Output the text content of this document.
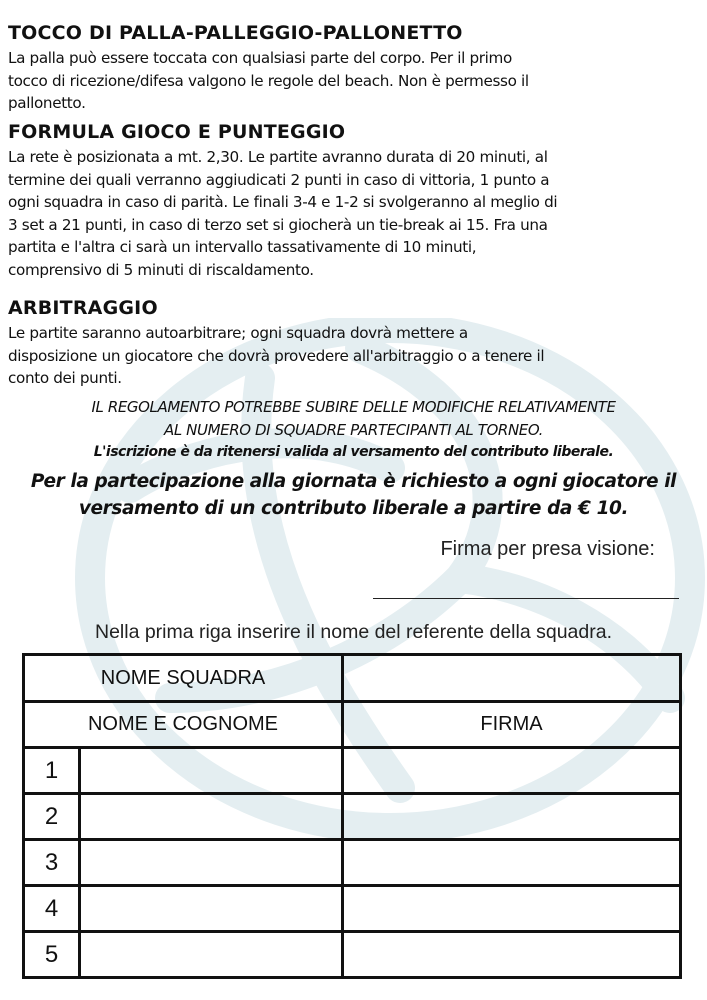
TOCCO DI PALLA-PALLEGGIO-PALLONETTO

La palla può essere toccata con qualsiasi parte del corpo. Per il primo
tocco di ricezione/difesa valgono le regole del beach. Non è permesso il
pallonetto.

FORMULA GIOCO E PUNTEGGIO

La rete è posizionata a mt. 2,30. Le partite avranno durata di 20 minuti, al
termine dei quali verranno aggiudicati 2 punti in caso di vittoria, 1 punto a
ogni squadra in caso di parità. Le finali 3-4 e 1-2 si svolgeranno al meglio di
3 set a 21 punti, in caso di terzo set si giocherà un tie-break ai 15. Fra una
partita e l'altra ci sarà un intervallo tassativamente di 10 minuti,
comprensivo di 5 minuti di riscaldamento.

ARBITRAGGIO

Le partite saranno autoarbitrare; ogni squadra dovrà mettere a
disposizione un giocatore che dovrà provedere all'arbitraggio o a tenere il
conto dei punti.

IL REGOLAMENTO POTREBBE SUBIRE DELLE MODIFICHE RELATIVAMENTE
AL NUMERO DI SQUADRE PARTECIPANTI AL TORNEO.

L'iscrizione è da ritenersi valida al versamento del contributo liberale.

Per la partecipazione alla giornata è richiesto a ogni giocatore il
versamento di un contributo liberale a partire da € 10.

Firma per presa visione:

Nella prima riga inserire il nome del referente della squadra.

NOME SQUADRA
NOME E COGNOME	FIRMA
1
2
3
4
5
